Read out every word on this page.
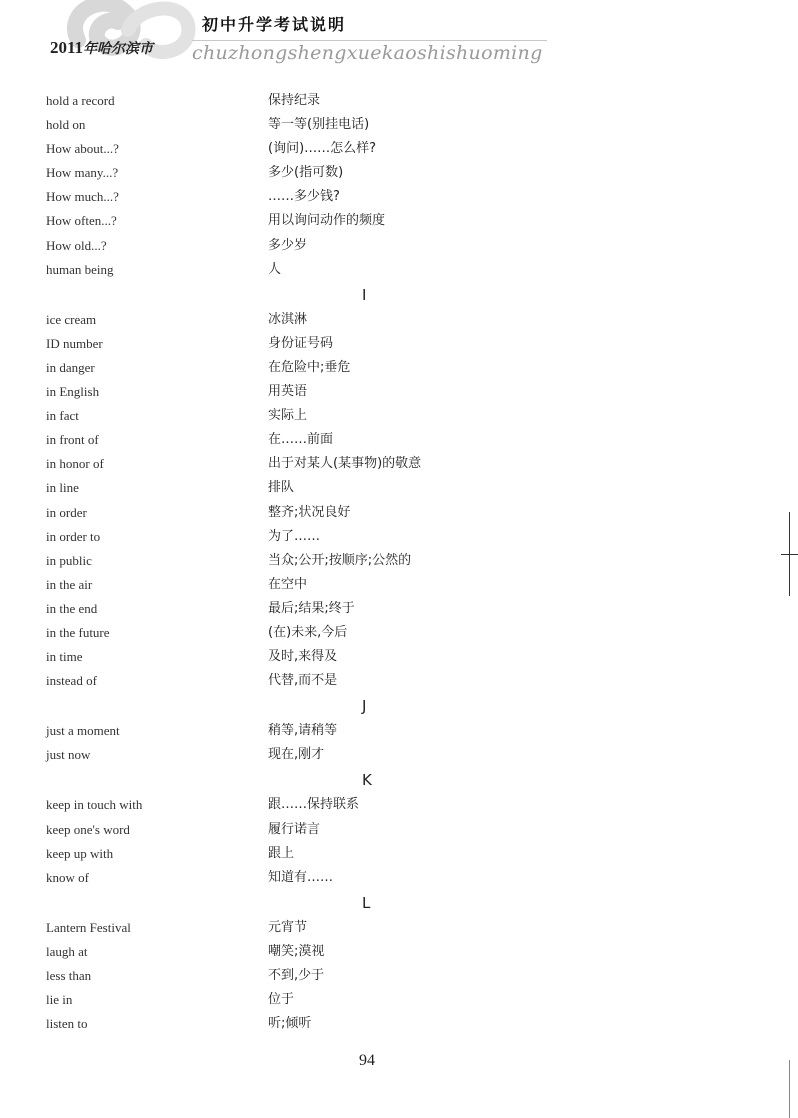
2011年哈尔滨市
初中升学考试说明
chuzhongshengxuekaoshishuoming
hold a record	保持纪录
hold on	等一等(别挂电话)
How about...?	(询问)……怎么样?
How many...?	多少(指可数)
How much...?	……多少钱?
How often...?	用以询问动作的频度
How old...?	多少岁
human being	人
I
ice cream	冰淇淋
ID number	身份证号码
in danger	在危险中;垂危
in English	用英语
in fact	实际上
in front of	在……前面
in honor of	出于对某人(某事物)的敬意
in line	排队
in order	整齐;状况良好
in order to	为了……
in public	当众;公开;按顺序;公然的
in the air	在空中
in the end	最后;结果;终于
in the future	(在)未来,今后
in time	及时,来得及
instead of	代替,而不是
J
just a moment	稍等,请稍等
just now	现在,刚才
K
keep in touch with	跟……保持联系
keep one's word	履行诺言
keep up with	跟上
know of	知道有……
L
Lantern Festival	元宵节
laugh at	嘲笑;漠视
less than	不到,少于
lie in	位于
listen to	听;倾听
94
